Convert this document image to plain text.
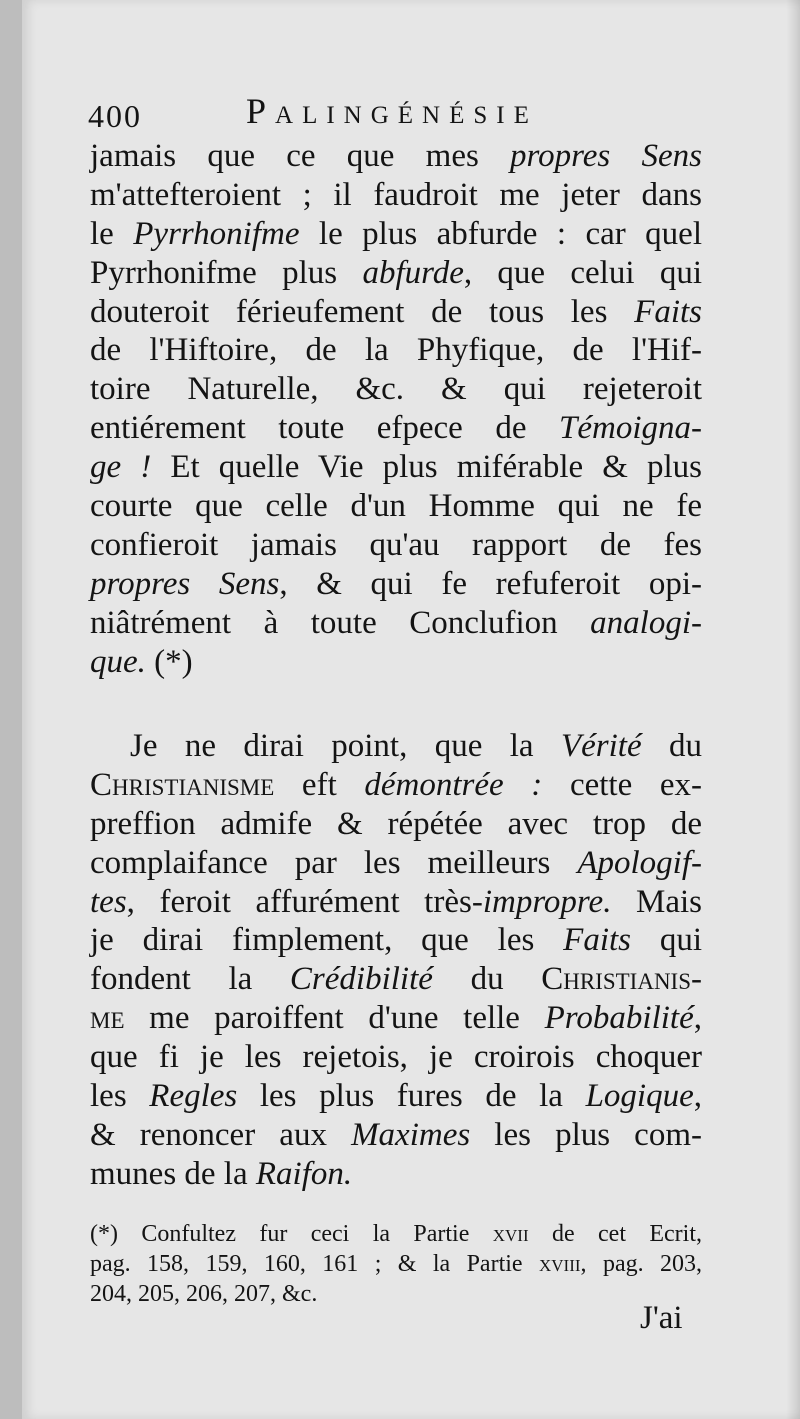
400	Palingénésie
jamais que ce que mes propres Sens
m'attefteroient ; il faudroit me jeter dans
le Pyrrhonifme le plus abfurde : car quel
Pyrrhonifme plus abfurde, que celui qui
douteroit férieufement de tous les Faits
de l'Hiftoire, de la Phyfique, de l'Hif-
toire Naturelle, &c. & qui rejeteroit
entiérement toute efpece de Témoigna-
ge ! Et quelle Vie plus miférable & plus
courte que celle d'un Homme qui ne fe
confieroit jamais qu'au rapport de fes
propres Sens, & qui fe refuferoit opi-
niâtrément à toute Conclufion analogi-
que. (*)
Je ne dirai point, que la Vérité du
Christianisme eft démontrée : cette ex-
preffion admife & répétée avec trop de
complaifance par les meilleurs Apologif-
tes, feroit affurément très-impropre. Mais
je dirai fimplement, que les Faits qui
fondent la Crédibilité du Christianis-
me me paroiffent d'une telle Probabilité,
que fi je les rejetois, je croirois choquer
les Regles les plus fures de la Logique,
& renoncer aux Maximes les plus com-
munes de la Raifon.
(*) Confultez fur ceci la Partie xvii de cet Ecrit,
pag. 158, 159, 160, 161 ; & la Partie xviii, pag. 203,
204, 205, 206, 207, &c.
J'ai
